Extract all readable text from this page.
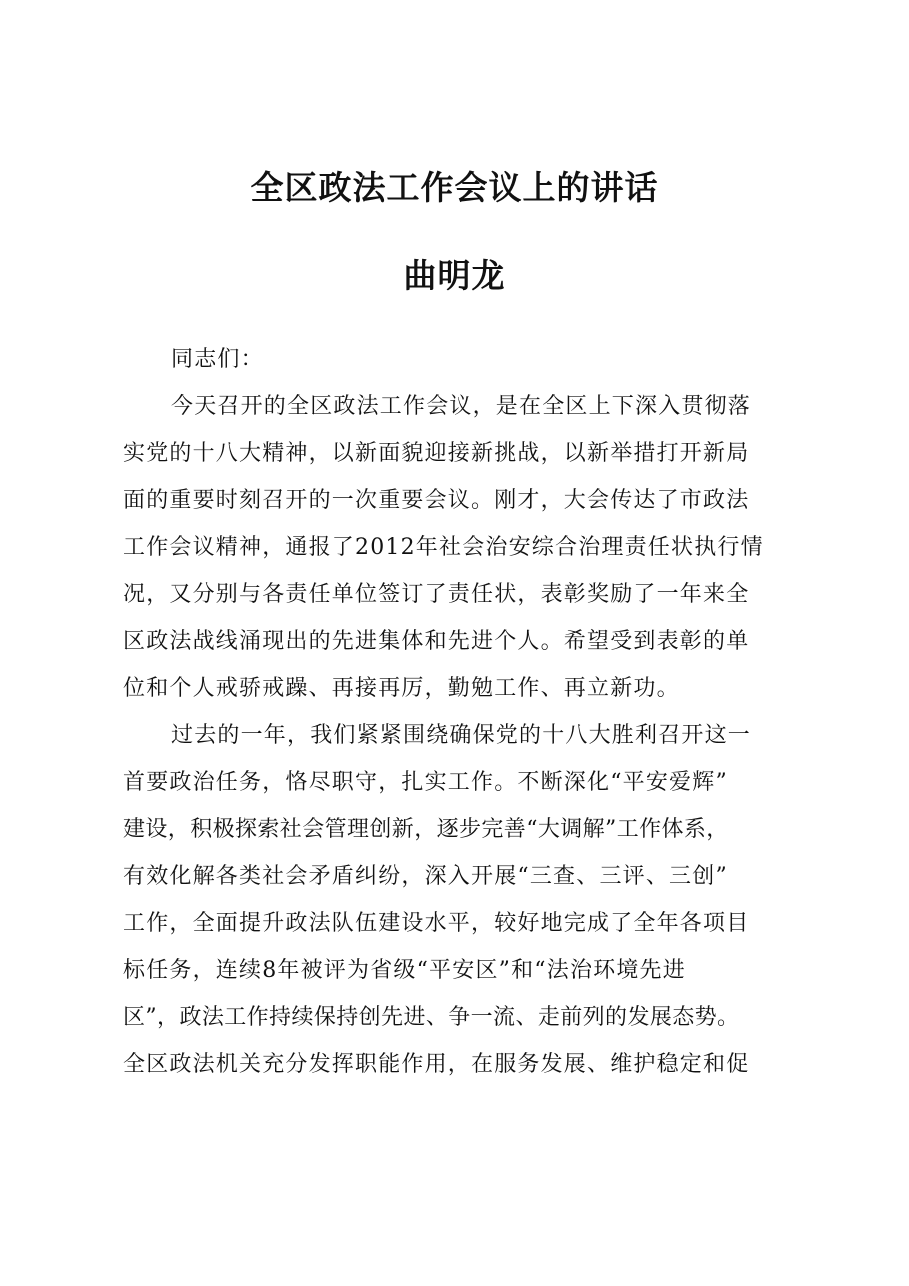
全区政法工作会议上的讲话
曲明龙
同志们：
今天召开的全区政法工作会议，是在全区上下深入贯彻落
实党的十八大精神，以新面貌迎接新挑战，以新举措打开新局
面的重要时刻召开的一次重要会议。刚才，大会传达了市政法
工作会议精神，通报了2012年社会治安综合治理责任状执行情
况，又分别与各责任单位签订了责任状，表彰奖励了一年来全
区政法战线涌现出的先进集体和先进个人。希望受到表彰的单
位和个人戒骄戒躁、再接再厉，勤勉工作、再立新功。
过去的一年，我们紧紧围绕确保党的十八大胜利召开这一
首要政治任务，恪尽职守，扎实工作。不断深化“平安爱辉”
建设，积极探索社会管理创新，逐步完善“大调解”工作体系，
有效化解各类社会矛盾纠纷，深入开展“三查、三评、三创”
工作，全面提升政法队伍建设水平，较好地完成了全年各项目
标任务，连续8年被评为省级“平安区”和“法治环境先进
区”，政法工作持续保持创先进、争一流、走前列的发展态势。
全区政法机关充分发挥职能作用，在服务发展、维护稳定和促
